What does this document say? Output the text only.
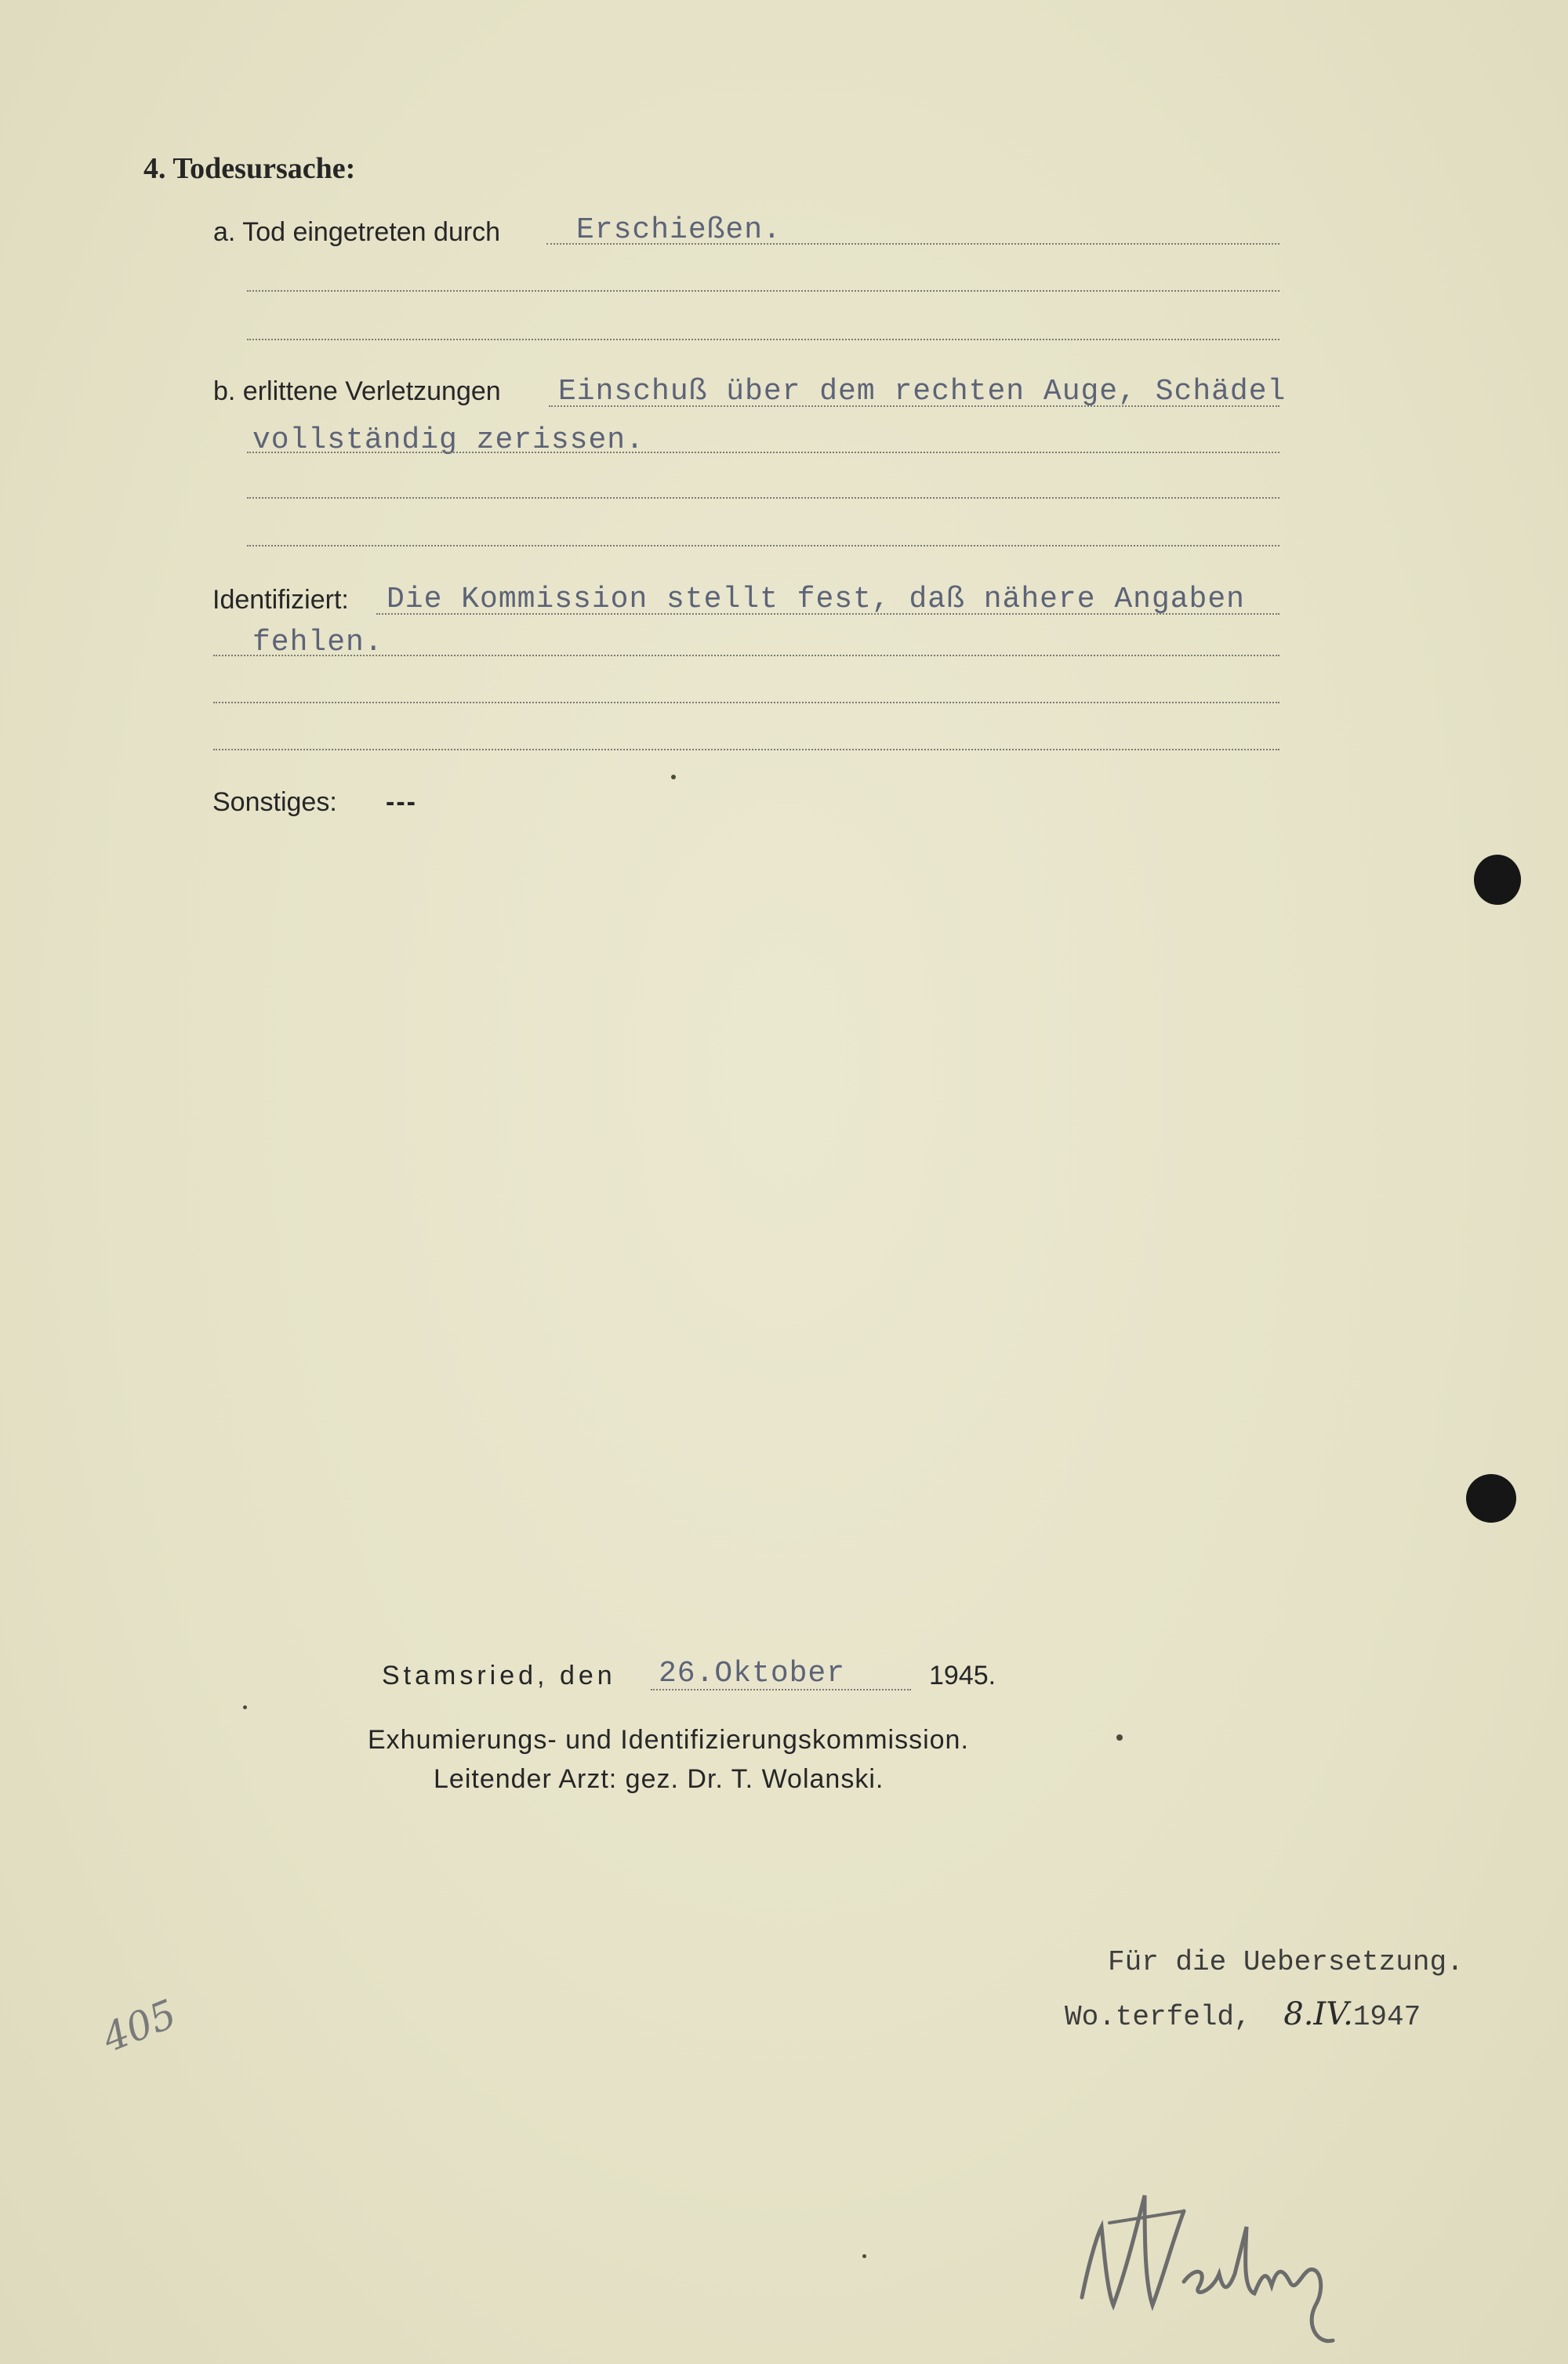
4. Todesursache:
a. Tod eingetreten durch	Erschießen.
b. erlittene Verletzungen Einschuß über dem rechten Auge, Schädel
vollständig zerissen.
Identifiziert: Die Kommission stellt fest, daß nähere Angaben
fehlen.
Sonstiges: ---
Stamsried, den 26.Oktober	1945.
Exhumierungs- und Identifizierungskommission.
Leitender Arzt: gez. Dr. T. Wolanski.
Für die Uebersetzung.
Wo.terfeld, 8.IV.1947
405
